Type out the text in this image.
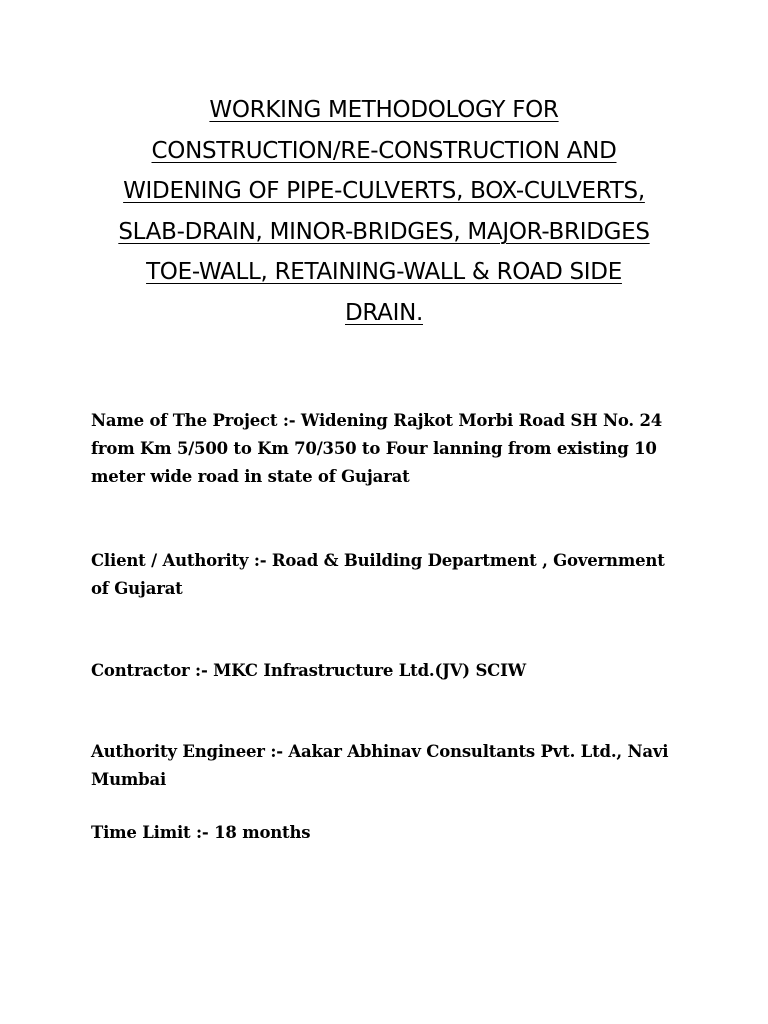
WORKING METHODOLOGY FOR
CONSTRUCTION/RE-CONSTRUCTION AND
WIDENING OF PIPE-CULVERTS, BOX-CULVERTS,
SLAB-DRAIN, MINOR-BRIDGES, MAJOR-BRIDGES
TOE-WALL, RETAINING-WALL & ROAD SIDE
DRAIN.

Name of The Project :- Widening Rajkot Morbi Road SH No. 24
from Km 5/500 to Km 70/350 to Four lanning from existing 10
meter wide road in state of Gujarat

Client / Authority :- Road & Building Department , Government
of Gujarat

Contractor :- MKC Infrastructure Ltd.(JV) SCIW

Authority Engineer :- Aakar Abhinav Consultants Pvt. Ltd., Navi
Mumbai

Time Limit :- 18 months
